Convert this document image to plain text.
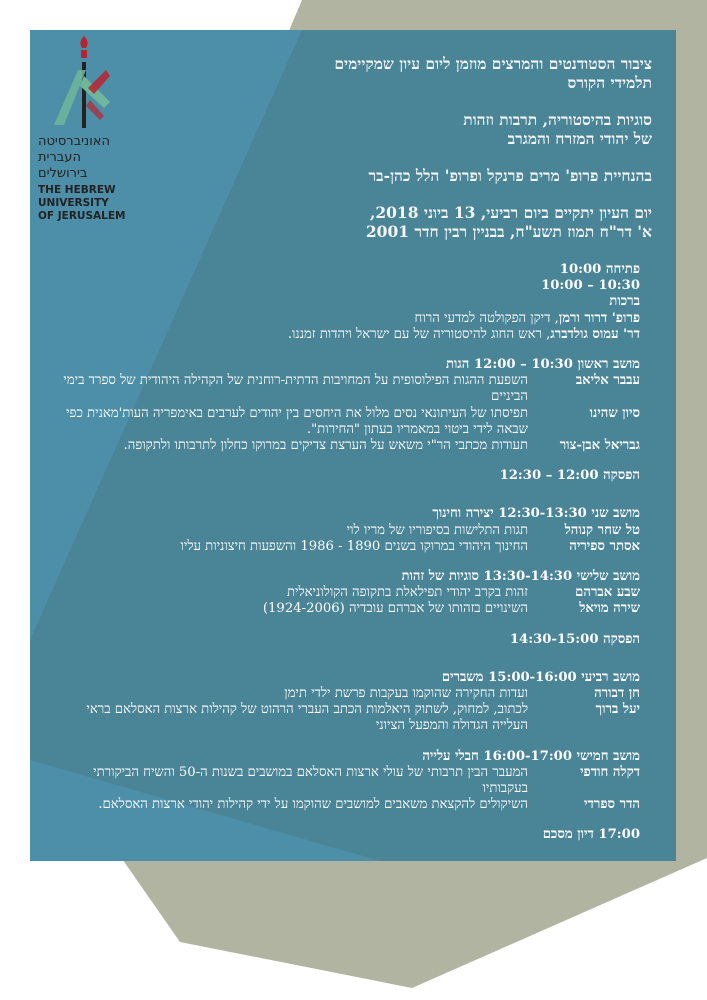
האוניברסיטה
העברית
בירושלים
THE HEBREW
UNIVERSITY
OF JERUSALEM
ציבור הסטודנטים והמרצים מוזמן ליום עיון שמקיימים
תלמידי הקורס
סוגיות בהיסטוריה, תרבות וזהות
של יהודי המזרח והמגרב
בהנחיית פרופ' מרים פרנקל ופרופ' הלל כהן-בר
יום העיון יתקיים ביום רביעי, 13 ביוני 2018,
א' דר"ח תמוז תשע"ח, בבניין רבין חדר 2001
פתיחה 10:00
10:30 – 10:00
ברכות
פרופ' דרור ורמן, דיקן הפקולטה למדעי הרוח
דר' עמוס גולדברג, ראש החוג להיסטוריה של עם ישראל ויהדות זמננו.
מושב ראשון 10:30 – 12:00 הגות
עבבר אליאב
השפעת ההגות הפילוסופית על המחויבות הדתית-רוחנית של הקהילה היהודית של ספרד בימי הביניים
סיון שהינו
תפיסתו של העיתונאי נסים מלול את היחסים בין יהודים לערבים באימפריה העות'מאנית כפי שבאה לידי ביטוי במאמריו בעתון "החירות".
גבריאל אבן-צור
תעודות מכתבי הר"י משאש על הערצת צדיקים במרוקו כחלון לתרבותו ולתקופה.
הפסקה 12:00 – 12:30
מושב שני 12:30-13:30 יצירה וחינוך
טל שחר קנוהל
תגות התלישות בסיפוריו של מריו לוי
אסתר ספיריה
החינוך היהודי במרוקו בשנים 1890 - 1986 והשפעות חיצוניות עליו
מושב שלישי 13:30-14:30 סוגיות של זהות
שבע אברהם
זהות בקרב יהודי תפילאלת בתקופה הקולוניאלית
שירה מויאל
השינויים בזהותו של אברהם עובדיה (1924-2006)
הפסקה 14:30-15:00
מושב רביעי 15:00-16:00 משברים
חן דבורה
ועדות החקירה שהוקמו בעקבות פרשת ילדי תימן
יעל ברוך
לכתוב, למחוק, לשתוק היאלמות הכתב העברי הרהוט של קהילות ארצות האסלאם בראי העלייה הגדולה והמפעל הציוני
מושב חמישי 16:00-17:00 חבלי עלייה
דקלה חודפי
המעבר הבין תרבותי של עולי ארצות האסלאם במושבים בשנות ה-50 והשיח הביקורתי בעקבותיו
הדר ספרדי
השיקולים להקצאת משאבים למושבים שהוקמו על ידי קהילות יהודי ארצות האסלאם.
17:00 דיון מסכם
